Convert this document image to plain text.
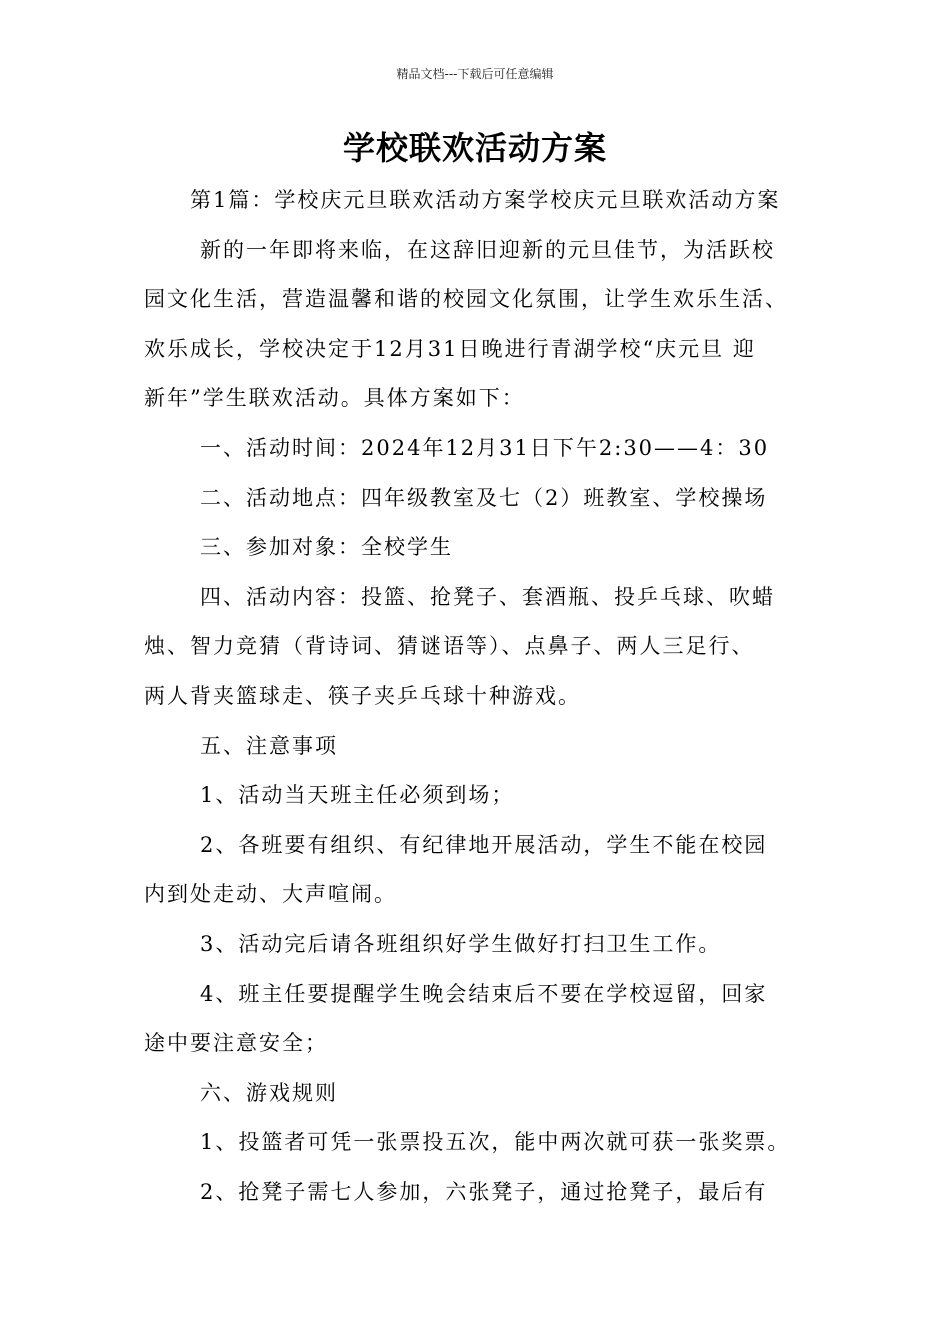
精品文档---下载后可任意编辑
学校联欢活动方案

第1篇：学校庆元旦联欢活动方案学校庆元旦联欢活动方案

新的一年即将来临，在这辞旧迎新的元旦佳节，为活跃校

园文化生活，营造温馨和谐的校园文化氛围，让学生欢乐生活、

欢乐成长，学校决定于12月31日晚进行青湖学校“庆元旦 迎

新年”学生联欢活动。具体方案如下：

一、活动时间：2024年12月31日下午2:30——4：30

二、活动地点：四年级教室及七（2）班教室、学校操场

三、参加对象：全校学生

四、活动内容：投篮、抢凳子、套酒瓶、投乒乓球、吹蜡

烛、智力竞猜（背诗词、猜谜语等）、点鼻子、两人三足行、

两人背夹篮球走、筷子夹乒乓球十种游戏。

五、注意事项

1、活动当天班主任必须到场；

2、各班要有组织、有纪律地开展活动，学生不能在校园

内到处走动、大声喧闹。

3、活动完后请各班组织好学生做好打扫卫生工作。

4、班主任要提醒学生晚会结束后不要在学校逗留，回家

途中要注意安全；

六、游戏规则

1、投篮者可凭一张票投五次，能中两次就可获一张奖票。

2、抢凳子需七人参加，六张凳子，通过抢凳子，最后有
